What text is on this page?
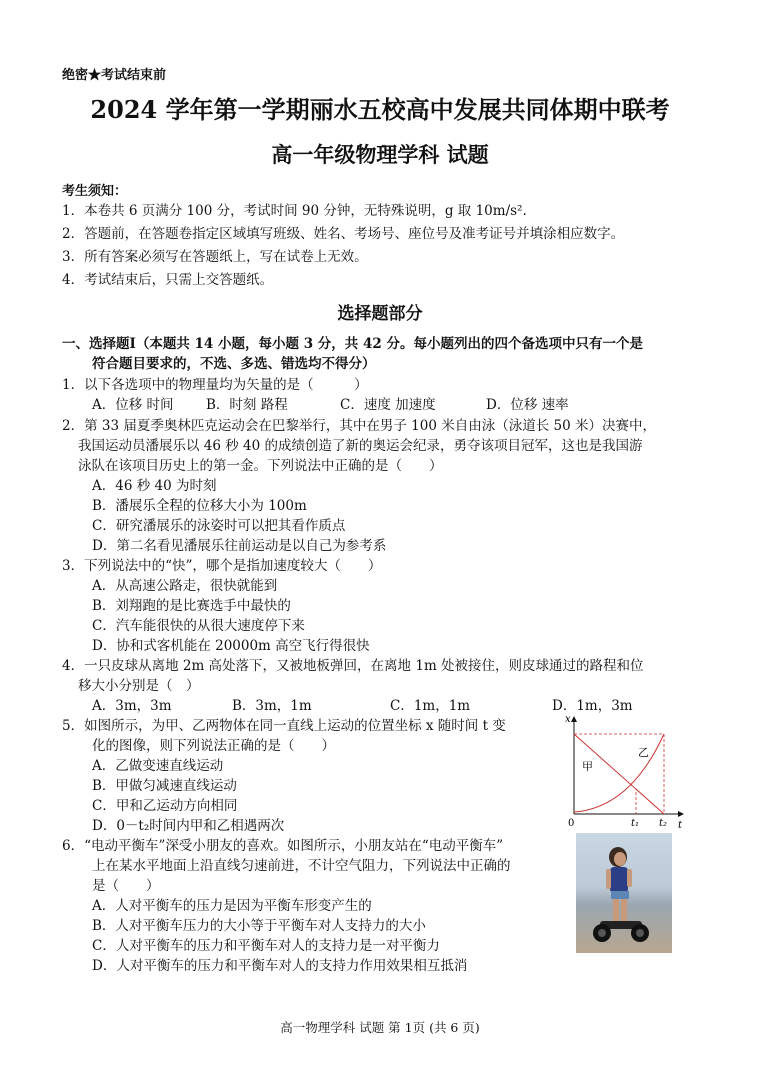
绝密★考试结束前
2024 学年第一学期丽水五校高中发展共同体期中联考
高一年级物理学科 试题
考生须知：
1．本卷共 6 页满分 100 分，考试时间 90 分钟，无特殊说明，g 取 10m/s².
2．答题前，在答题卷指定区域填写班级、姓名、考场号、座位号及准考证号并填涂相应数字。
3．所有答案必须写在答题纸上，写在试卷上无效。
4．考试结束后，只需上交答题纸。
选择题部分
一、选择题Ⅰ（本题共 14 小题，每小题 3 分，共 42 分。每小题列出的四个备选项中只有一个是
符合题目要求的，不选、多选、错选均不得分）
1．以下各选项中的物理量均为矢量的是（　　　）
A．位移 时间 B．时刻 路程	C．速度 加速度	D．位移 速率
2．第 33 届夏季奥林匹克运动会在巴黎举行，其中在男子 100 米自由泳（泳道长 50 米）决赛中，
我国运动员潘展乐以 46 秒 40 的成绩创造了新的奥运会纪录，勇夺该项目冠军，这也是我国游
泳队在该项目历史上的第一金。下列说法中正确的是（　　）
A．46 秒 40 为时刻
B．潘展乐全程的位移大小为 100m
C．研究潘展乐的泳姿时可以把其看作质点
D．第二名看见潘展乐往前运动是以自己为参考系
3．下列说法中的“快”，哪个是指加速度较大（　　）
A．从高速公路走，很快就能到
B．刘翔跑的是比赛选手中最快的
C．汽车能很快的从很大速度停下来
D．协和式客机能在 20000m 高空飞行得很快
4．一只皮球从离地 2m 高处落下，又被地板弹回，在离地 1m 处被接住，则皮球通过的路程和位
移大小分别是（　）
A．3m，3m	B．3m，1m	C．1m，1m	D．1m，3m
5．如图所示，为甲、乙两物体在同一直线上运动的位置坐标 x 随时间 t 变
化的图像，则下列说法正确的是（　　）
A．乙做变速直线运动
B．甲做匀减速直线运动
C．甲和乙运动方向相同
D．0－t₂时间内甲和乙相遇两次
x
t
0	t₁ t₂
甲
乙
6．“电动平衡车”深受小朋友的喜欢。如图所示，小朋友站在“电动平衡车”
上在某水平地面上沿直线匀速前进，不计空气阻力，下列说法中正确的
是（　　）
A．人对平衡车的压力是因为平衡车形变产生的
B．人对平衡车压力的大小等于平衡车对人支持力的大小
C．人对平衡车的压力和平衡车对人的支持力是一对平衡力
D．人对平衡车的压力和平衡车对人的支持力作用效果相互抵消
高一物理学科 试题 第 1页 (共 6 页)
